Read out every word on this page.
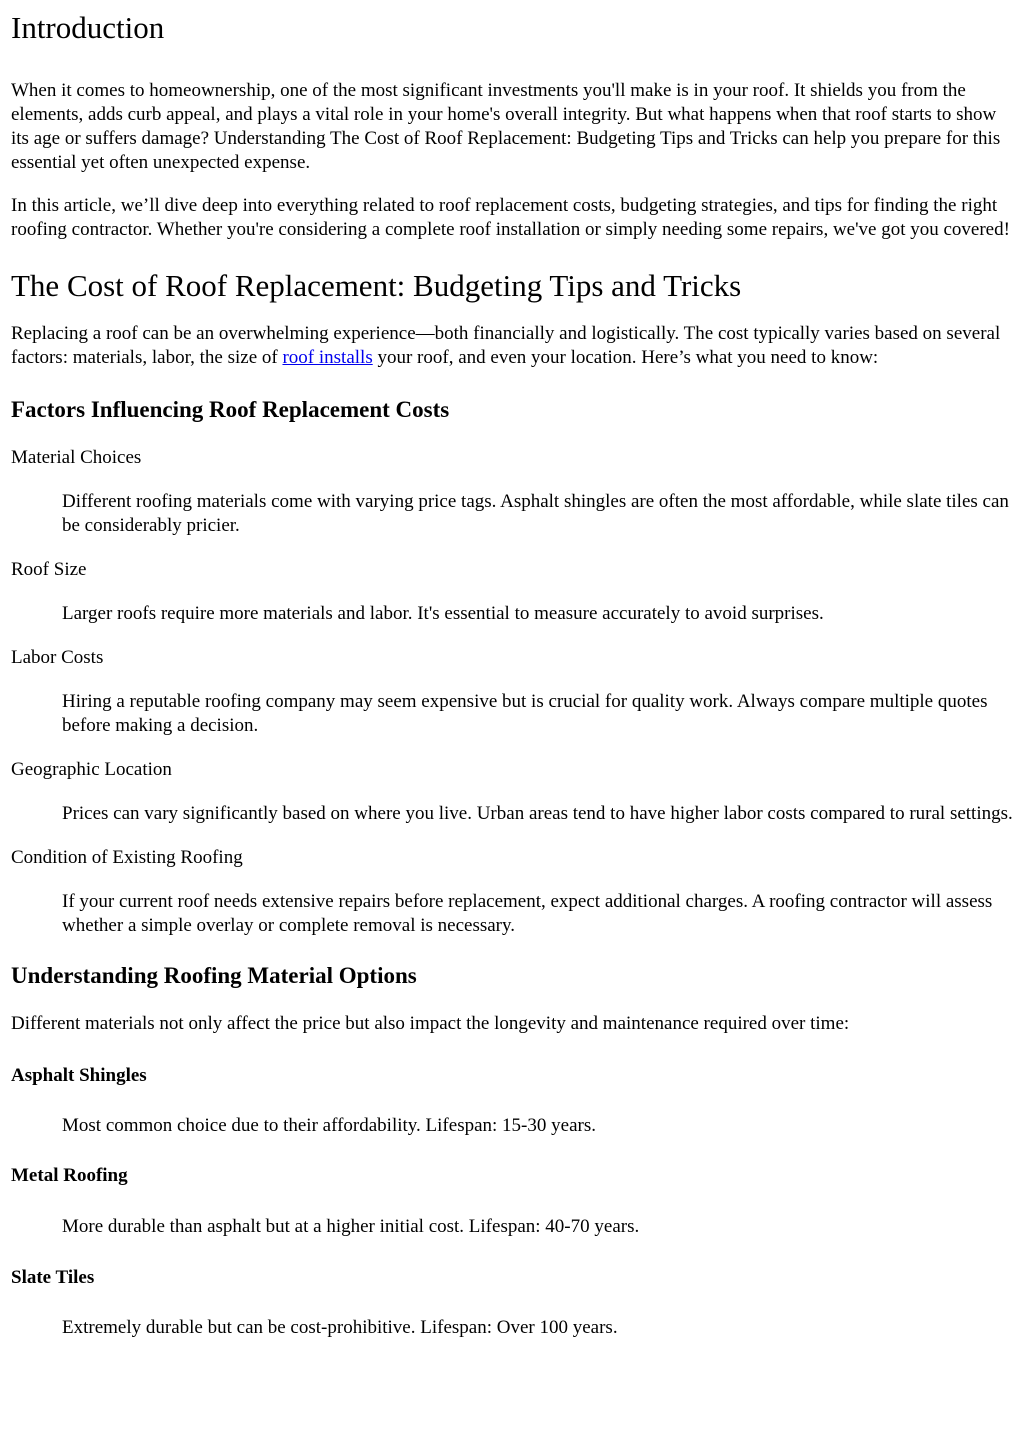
Introduction

When it comes to homeownership, one of the most significant investments you'll make is in your roof. It shields you from the elements, adds curb appeal, and plays a vital role in your home's overall integrity. But what happens when that roof starts to show its age or suffers damage? Understanding The Cost of Roof Replacement: Budgeting Tips and Tricks can help you prepare for this essential yet often unexpected expense.

In this article, we’ll dive deep into everything related to roof replacement costs, budgeting strategies, and tips for finding the right roofing contractor. Whether you're considering a complete roof installation or simply needing some repairs, we've got you covered!

The Cost of Roof Replacement: Budgeting Tips and Tricks

Replacing a roof can be an overwhelming experience—both financially and logistically. The cost typically varies based on several factors: materials, labor, the size of roof installs your roof, and even your location. Here’s what you need to know:

Factors Influencing Roof Replacement Costs

Material Choices

Different roofing materials come with varying price tags. Asphalt shingles are often the most affordable, while slate tiles can be considerably pricier.

Roof Size

Larger roofs require more materials and labor. It's essential to measure accurately to avoid surprises.

Labor Costs

Hiring a reputable roofing company may seem expensive but is crucial for quality work. Always compare multiple quotes before making a decision.

Geographic Location

Prices can vary significantly based on where you live. Urban areas tend to have higher labor costs compared to rural settings.

Condition of Existing Roofing

If your current roof needs extensive repairs before replacement, expect additional charges. A roofing contractor will assess whether a simple overlay or complete removal is necessary.

Understanding Roofing Material Options

Different materials not only affect the price but also impact the longevity and maintenance required over time:

Asphalt Shingles

Most common choice due to their affordability. Lifespan: 15-30 years.

Metal Roofing

More durable than asphalt but at a higher initial cost. Lifespan: 40-70 years.

Slate Tiles

Extremely durable but can be cost-prohibitive. Lifespan: Over 100 years.
